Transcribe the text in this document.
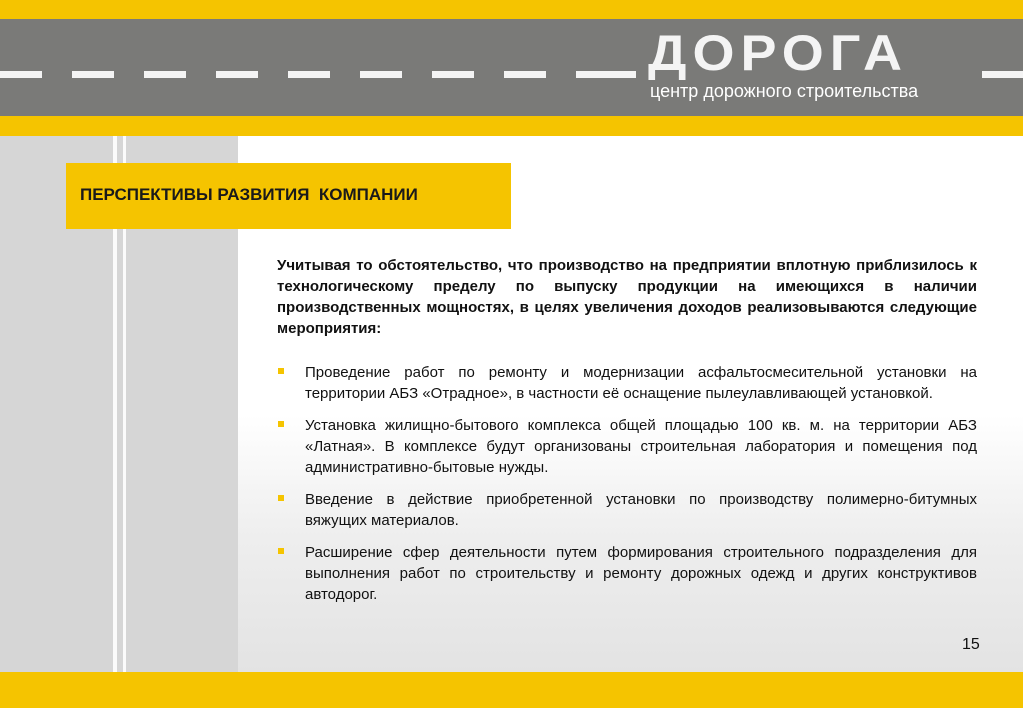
ДОРОГА
центр дорожного строительства
ПЕРСПЕКТИВЫ РАЗВИТИЯ  КОМПАНИИ
Учитывая то обстоятельство, что производство на предприятии вплотную приблизилось к технологическому пределу по выпуску продукции на имеющихся в наличии производственных мощностях, в целях увеличения доходов реализовываются следующие мероприятия:
Проведение работ по ремонту и модернизации асфальтосмесительной установки на территории АБЗ «Отрадное», в частности её оснащение пылеулавливающей установкой.
Установка жилищно-бытового комплекса общей площадью 100 кв. м. на территории АБЗ «Латная». В комплексе будут организованы строительная лаборатория и помещения под административно-бытовые нужды.
Введение в действие приобретенной установки по производству полимерно-битумных вяжущих материалов.
Расширение сфер деятельности путем формирования строительного подразделения для выполнения работ по строительству и ремонту дорожных одежд и других конструктивов автодорог.
15
